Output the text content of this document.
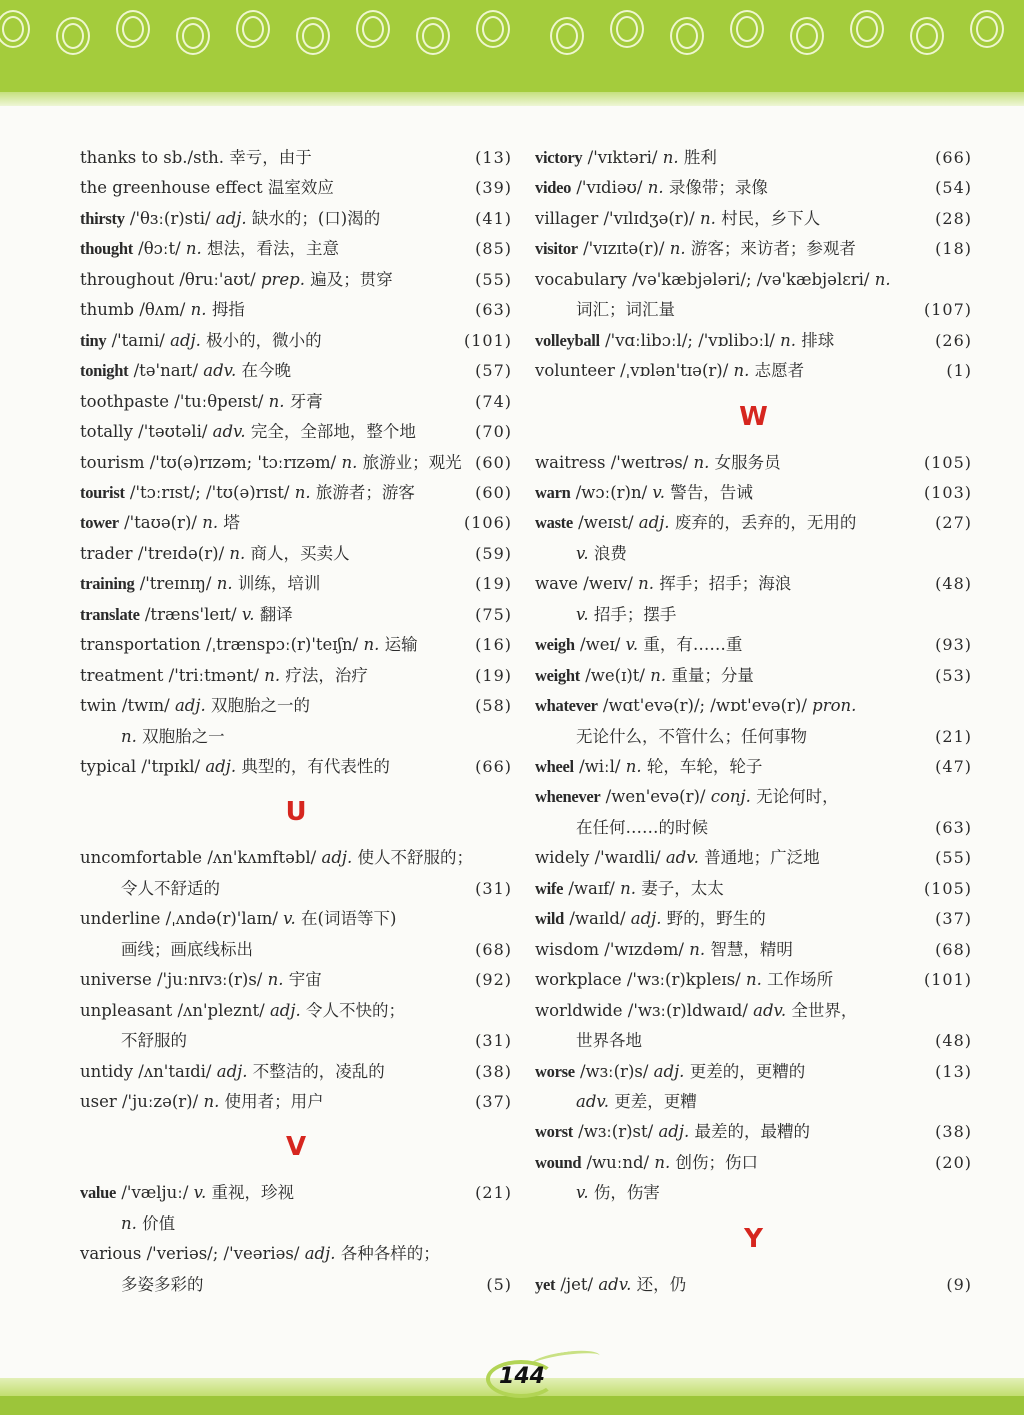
thanks to sb./sth. 幸亏，由于	(13)
the greenhouse effect 温室效应	(39)
thirsty /'θɜː(r)sti/ adj. 缺水的；(口)渴的	(41)
thought /θɔːt/ n. 想法，看法，主意	(85)
throughout /θruː'aʊt/ prep. 遍及；贯穿	(55)
thumb /θʌm/ n. 拇指	(63)
tiny /'taɪni/ adj. 极小的，微小的	(101)
tonight /tə'naɪt/ adv. 在今晚	(57)
toothpaste /'tuːθpeɪst/ n. 牙膏	(74)
totally /'təʊtəli/ adv. 完全，全部地，整个地	(70)
tourism /'tʊ(ə)rɪzəm; 'tɔːrɪzəm/ n. 旅游业；观光 (60)
tourist /'tɔːrɪst/; /'tʊ(ə)rɪst/ n. 旅游者；游客	(60)
tower /'taʊə(r)/ n. 塔	(106)
trader /'treɪdə(r)/ n. 商人，买卖人	(59)
training /'treɪnɪŋ/ n. 训练，培训	(19)
translate /træns'leɪt/ v. 翻译	(75)
transportation /ˌtrænspɔː(r)'teɪʃn/ n. 运输	(16)
treatment /'triːtmənt/ n. 疗法，治疗	(19)
twin /twɪn/ adj. 双胞胎之一的	(58)
n. 双胞胎之一
typical /'tɪpɪkl/ adj. 典型的，有代表性的	(66)
U
uncomfortable /ʌn'kʌmftəbl/ adj. 使人不舒服的；
令人不舒适的	(31)
underline /ˌʌndə(r)'laɪn/ v. 在(词语等下)
画线；画底线标出	(68)
universe /'juːnɪvɜː(r)s/ n. 宇宙	(92)
unpleasant /ʌn'pleznt/ adj. 令人不快的；
不舒服的	(31)
untidy /ʌn'taɪdi/ adj. 不整洁的，凌乱的	(38)
user /'juːzə(r)/ n. 使用者；用户	(37)
V
value /'væljuː/ v. 重视，珍视	(21)
n. 价值
various /'veriəs/; /'veəriəs/ adj. 各种各样的；
多姿多彩的	(5)
victory /'vɪktəri/ n. 胜利	(66)
video /'vɪdiəʊ/ n. 录像带；录像	(54)
villager /'vɪlɪdʒə(r)/ n. 村民，乡下人	(28)
visitor /'vɪzɪtə(r)/ n. 游客；来访者；参观者	(18)
vocabulary /və'kæbjələri/; /və'kæbjəlɛri/ n.
词汇；词汇量	(107)
volleyball /'vɑːlibɔːl/; /'vɒlibɔːl/ n. 排球	(26)
volunteer /ˌvɒlən'tɪə(r)/ n. 志愿者	(1)
W
waitress /'weɪtrəs/ n. 女服务员	(105)
warn /wɔː(r)n/ v. 警告，告诫	(103)
waste /weɪst/ adj. 废弃的，丢弃的，无用的	(27)
v. 浪费
wave /weɪv/ n. 挥手；招手；海浪	(48)
v. 招手；摆手
weigh /weɪ/ v. 重，有……重	(93)
weight /we(ɪ)t/ n. 重量；分量	(53)
whatever /wɑt'evə(r)/; /wɒt'evə(r)/ pron.
无论什么，不管什么；任何事物	(21)
wheel /wiːl/ n. 轮，车轮，轮子	(47)
whenever /wen'evə(r)/ conj. 无论何时，
在任何……的时候	(63)
widely /'waɪdli/ adv. 普通地；广泛地	(55)
wife /waɪf/ n. 妻子，太太	(105)
wild /waɪld/ adj. 野的，野生的	(37)
wisdom /'wɪzdəm/ n. 智慧，精明	(68)
workplace /'wɜː(r)kpleɪs/ n. 工作场所	(101)
worldwide /'wɜː(r)ldwaɪd/ adv. 全世界，
世界各地	(48)
worse /wɜː(r)s/ adj. 更差的，更糟的	(13)
adv. 更差，更糟
worst /wɜː(r)st/ adj. 最差的，最糟的	(38)
wound /wuːnd/ n. 创伤；伤口	(20)
v. 伤，伤害
Y
yet /jet/ adv. 还，仍	(9)
144
